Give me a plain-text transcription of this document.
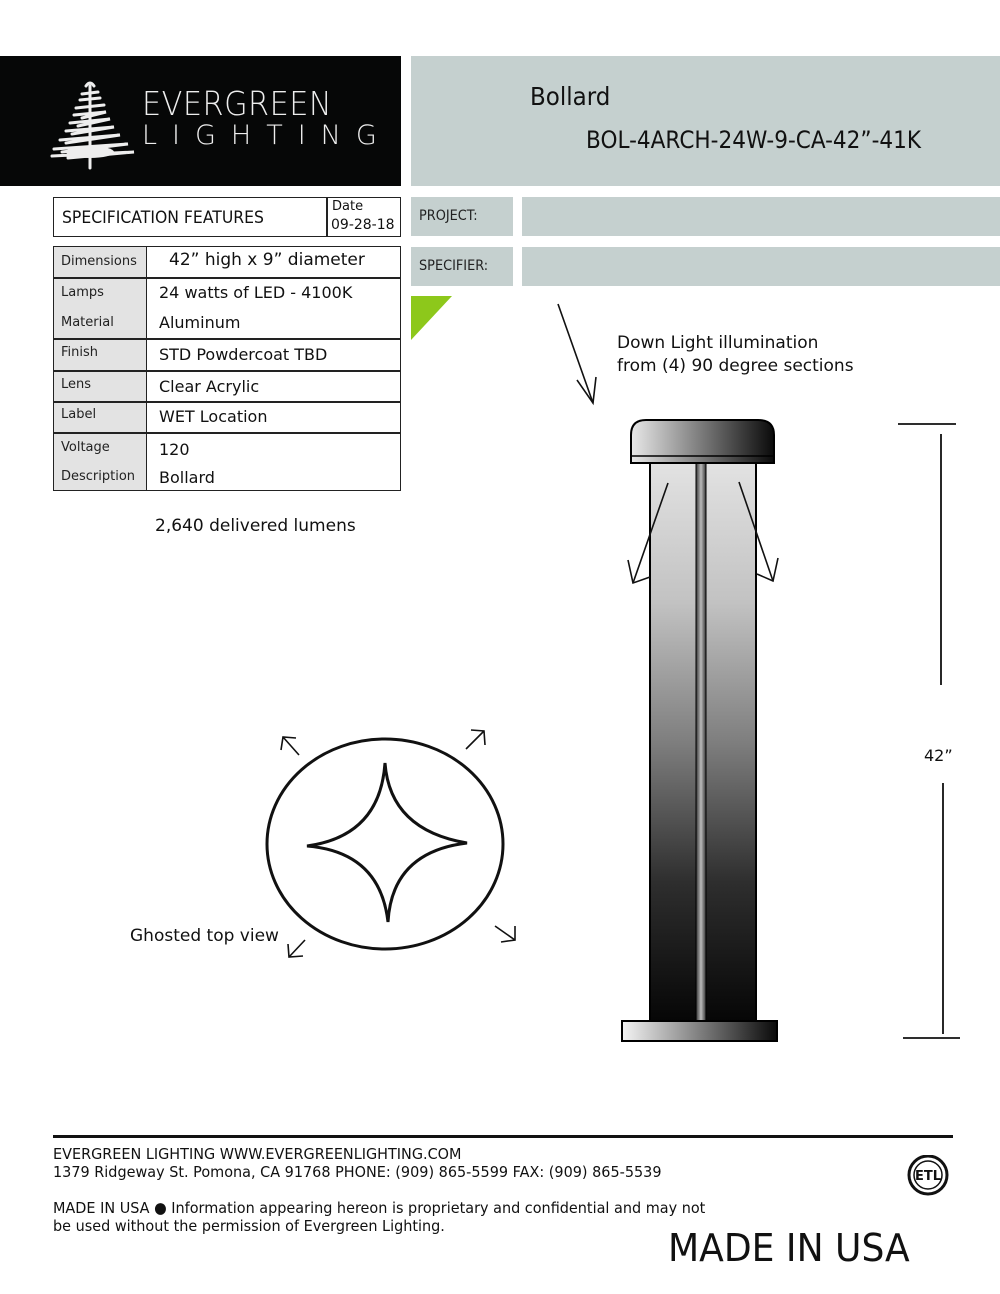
EVERGREEN
LIGHTING
Bollard
BOL-4ARCH-24W-9-CA-42”-41K
SPECIFICATION FEATURES
Date
09-28-18
Dimensions 42” high x 9” diameter
Lamps	24 watts of LED - 4100K
Material	Aluminum
Finish	STD Powdercoat TBD
Lens	Clear Acrylic
Label	WET Location
Voltage	120
Description Bollard
2,640 delivered lumens
PROJECT:
SPECIFIER:
Down Light illumination
from (4) 90 degree sections
42”
Ghosted top view
EVERGREEN LIGHTING WWW.EVERGREENLIGHTING.COM
1379 Ridgeway St. Pomona, CA 91768 PHONE: (909) 865-5599 FAX: (909) 865-5539
MADE IN USA ● Information appearing hereon is proprietary and confidential and may not
be used without the permission of Evergreen Lighting.
ETL
MADE IN USA
